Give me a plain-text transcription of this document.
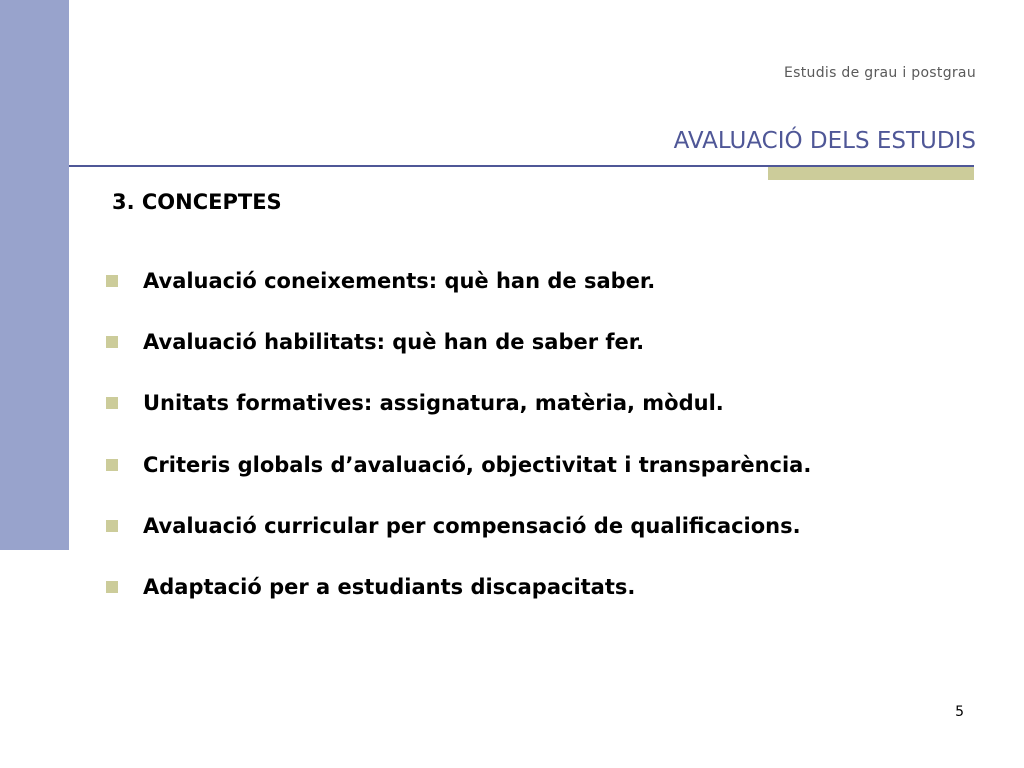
Estudis de grau i postgrau
AVALUACIÓ DELS ESTUDIS
3. CONCEPTES
Avaluació coneixements: què han de saber.
Avaluació habilitats: què han de saber fer.
Unitats formatives: assignatura, matèria, mòdul.
Criteris globals d’avaluació, objectivitat i transparència.
Avaluació curricular per compensació de qualificacions.
Adaptació per a estudiants discapacitats.
5
